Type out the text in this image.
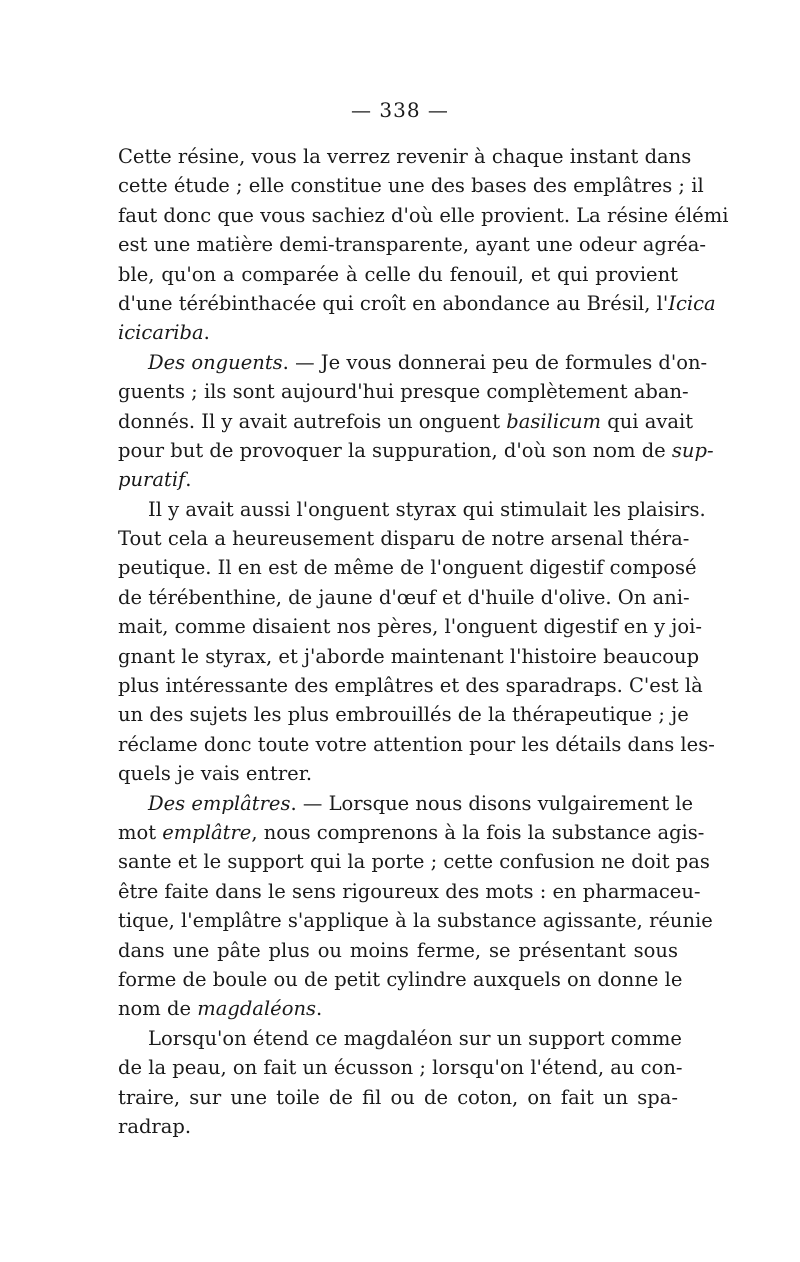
— 338 —
Cette résine, vous la verrez revenir à chaque instant dans
cette étude ; elle constitue une des bases des emplâtres ; il
faut donc que vous sachiez d'où elle provient. La résine élémi
est une matière demi-transparente, ayant une odeur agréa-
ble, qu'on a comparée à celle du fenouil, et qui provient
d'une térébinthacée qui croît en abondance au Brésil, l'Icica
icicariba.
Des onguents. — Je vous donnerai peu de formules d'on-
guents ; ils sont aujourd'hui presque complètement aban-
donnés. Il y avait autrefois un onguent basilicum qui avait
pour but de provoquer la suppuration, d'où son nom de sup-
puratif.
Il y avait aussi l'onguent styrax qui stimulait les plaisirs.
Tout cela a heureusement disparu de notre arsenal théra-
peutique. Il en est de même de l'onguent digestif composé
de térébenthine, de jaune d'œuf et d'huile d'olive. On ani-
mait, comme disaient nos pères, l'onguent digestif en y joi-
gnant le styrax, et j'aborde maintenant l'histoire beaucoup
plus intéressante des emplâtres et des sparadraps. C'est là
un des sujets les plus embrouillés de la thérapeutique ; je
réclame donc toute votre attention pour les détails dans les-
quels je vais entrer.
Des emplâtres. — Lorsque nous disons vulgairement le
mot emplâtre, nous comprenons à la fois la substance agis-
sante et le support qui la porte ; cette confusion ne doit pas
être faite dans le sens rigoureux des mots : en pharmaceu-
tique, l'emplâtre s'applique à la substance agissante, réunie
dans une pâte plus ou moins ferme, se présentant sous
forme de boule ou de petit cylindre auxquels on donne le
nom de magdaléons.
Lorsqu'on étend ce magdaléon sur un support comme
de la peau, on fait un écusson ; lorsqu'on l'étend, au con-
traire, sur une toile de fil ou de coton, on fait un spa-
radrap.
